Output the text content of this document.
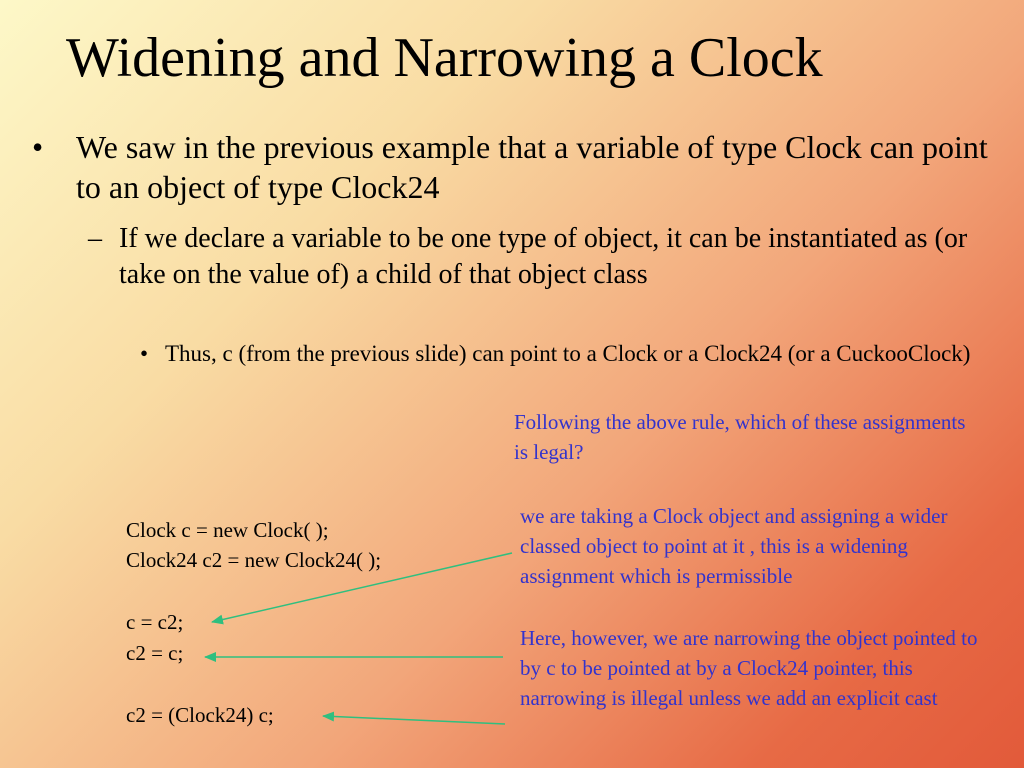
Widening and Narrowing a Clock
• We saw in the previous example that a variable of type Clock can point to an object of type Clock24
– If we declare a variable to be one type of object, it can be instantiated as (or take on the value of) a child of that object class
• Thus, c (from the previous slide) can point to a Clock or a Clock24 (or a CuckooClock)
Following the above rule, which of these assignments is legal?
Clock c = new Clock( );
Clock24 c2 = new Clock24( );
c = c2;
c2 = c;
c2 = (Clock24) c;
we are taking a Clock object and assigning a wider classed object to point at it , this is a widening assignment which is permissible
Here, however, we are narrowing the object pointed to by c to be pointed at by a Clock24 pointer, this narrowing is illegal unless we add an explicit cast
